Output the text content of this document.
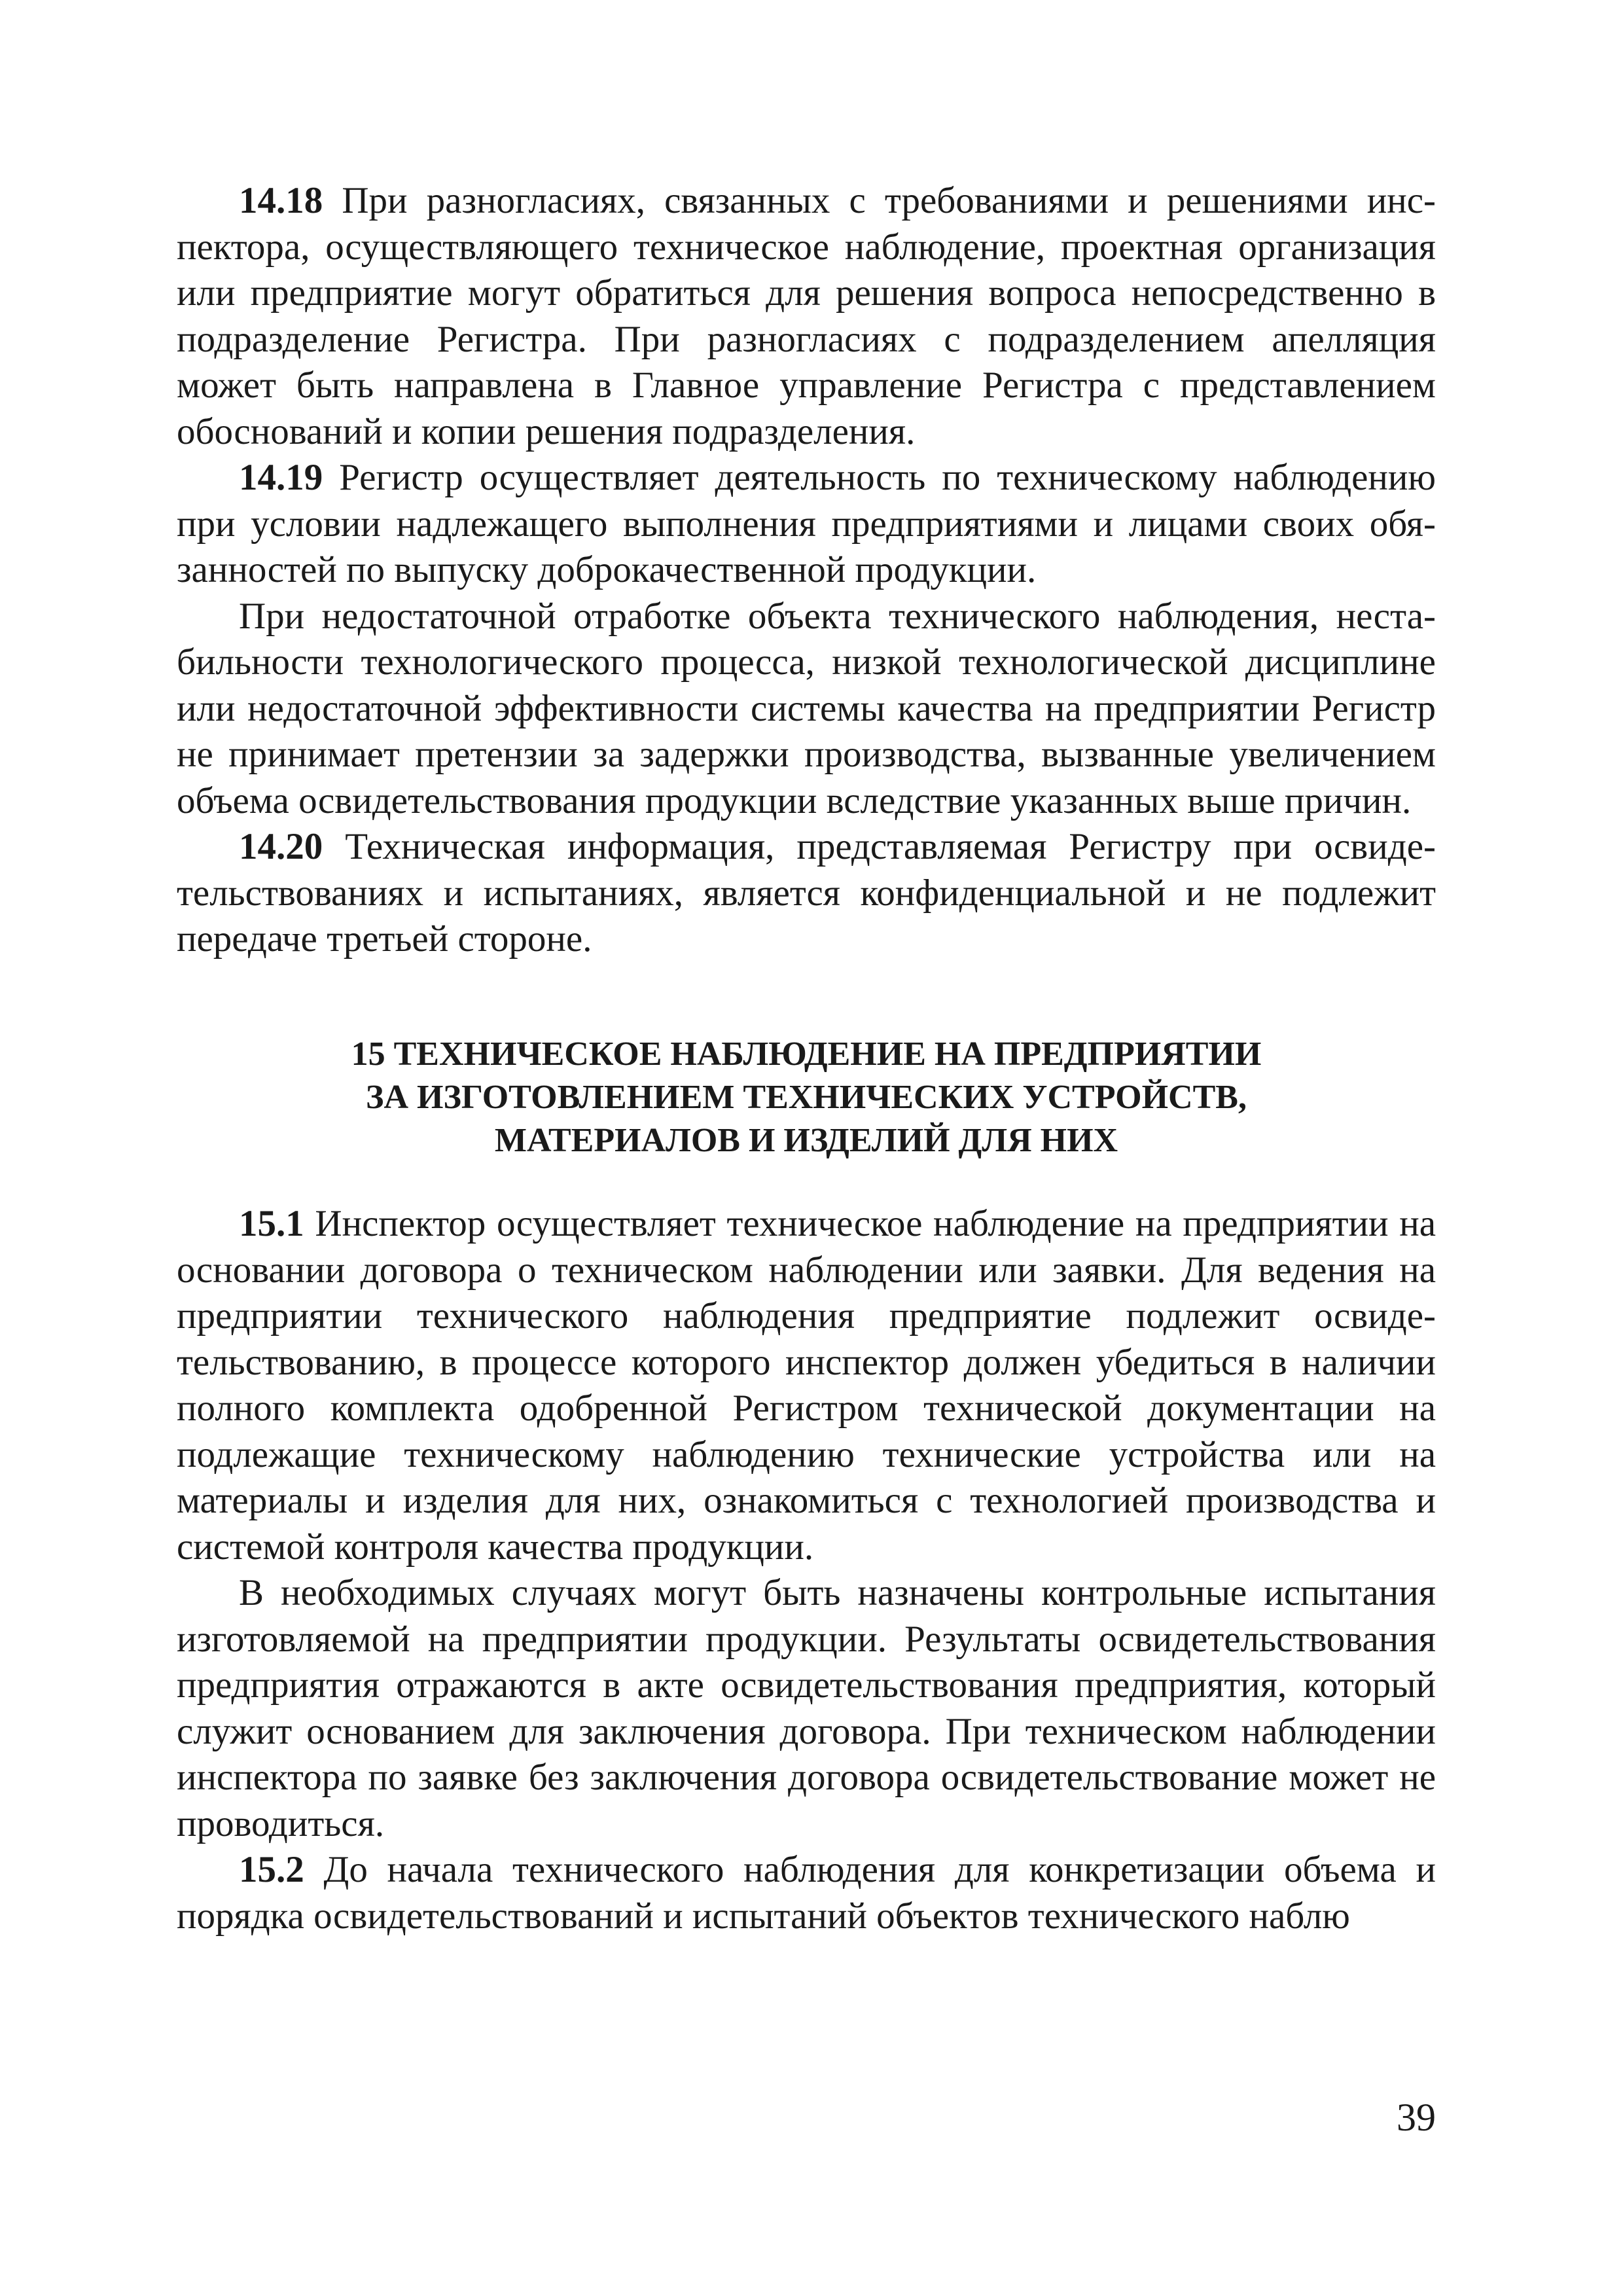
14.18 При разногласиях, связанных с требованиями и решениями инспектора, осуществляющего техническое наблюдение, проектная организация или предприятие могут обратиться для решения вопроса непосредственно в подразделение Регистра. При разногласиях с подразделением апелляция может быть направлена в Главное управление Регистра с представлением обоснований и копии решения подразделения.

14.19 Регистр осуществляет деятельность по техническому наблюдению при условии надлежащего выполнения предприятиями и лицами своих обязанностей по выпуску доброкачественной продукции.

При недостаточной отработке объекта технического наблюдения, нестабильности технологического процесса, низкой технологической дисциплине или недостаточной эффективности системы качества на предприятии Регистр не принимает претензии за задержки производства, вызванные увеличением объема освидетельствования продукции вследствие указанных выше причин.

14.20 Техническая информация, представляемая Регистру при освидетельствованиях и испытаниях, является конфиденциальной и не подлежит передаче третьей стороне.

15 ТЕХНИЧЕСКОЕ НАБЛЮДЕНИЕ НА ПРЕДПРИЯТИИ
ЗА ИЗГОТОВЛЕНИЕМ ТЕХНИЧЕСКИХ УСТРОЙСТВ,
МАТЕРИАЛОВ И ИЗДЕЛИЙ ДЛЯ НИХ

15.1 Инспектор осуществляет техническое наблюдение на предприятии на основании договора о техническом наблюдении или заявки. Для ведения на предприятии технического наблюдения предприятие подлежит освидетельствованию, в процессе которого инспектор должен убедиться в наличии полного комплекта одобренной Регистром технической документации на подлежащие техническому наблюдению технические устройства или на материалы и изделия для них, ознакомиться с технологией производства и системой контроля качества продукции.

В необходимых случаях могут быть назначены контрольные испытания изготовляемой на предприятии продукции. Результаты освидетельствования предприятия отражаются в акте освидетельствования предприятия, который служит основанием для заключения договора. При техническом наблюдении инспектора по заявке без заключения договора освидетельствование может не проводиться.

15.2 До начала технического наблюдения для конкретизации объема и порядка освидетельствований и испытаний объектов технического наблю

39
